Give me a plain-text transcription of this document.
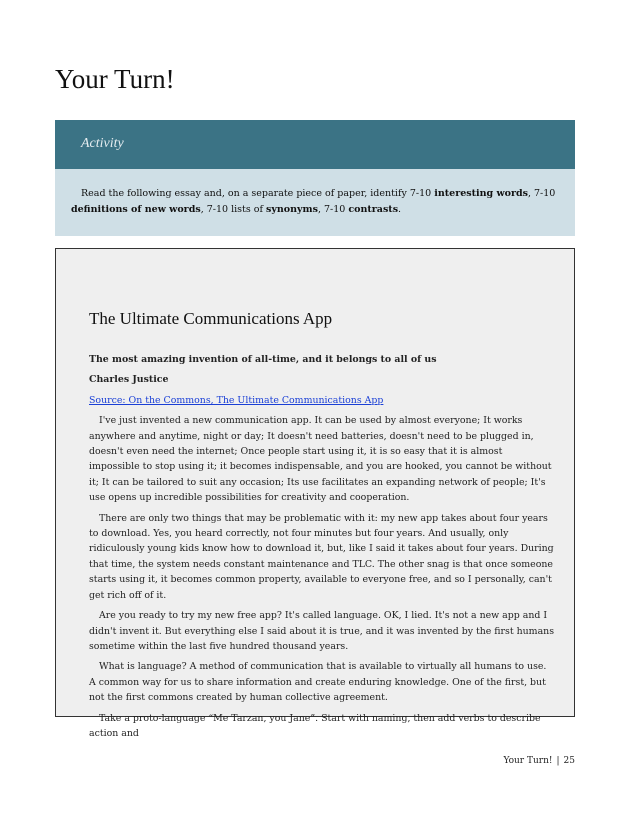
Your Turn!
Activity

Read the following essay and, on a separate piece of paper, identify 7-10 interesting words, 7-10 definitions of new words, 7-10 lists of synonyms, 7-10 contrasts.

The Ultimate Communications App

The most amazing invention of all-time, and it belongs to all of us

Charles Justice

Source: On the Commons, The Ultimate Communications App

I've just invented a new communication app. It can be used by almost everyone; It works anywhere and anytime, night or day; It doesn't need batteries, doesn't need to be plugged in, doesn't even need the internet; Once people start using it, it is so easy that it is almost impossible to stop using it; it becomes indispensable, and you are hooked, you cannot be without it; It can be tailored to suit any occasion; Its use facilitates an expanding network of people; It's use opens up incredible possibilities for creativity and cooperation.

There are only two things that may be problematic with it: my new app takes about four years to download. Yes, you heard correctly, not four minutes but four years. And usually, only ridiculously young kids know how to download it, but, like I said it takes about four years. During that time, the system needs constant maintenance and TLC. The other snag is that once someone starts using it, it becomes common property, available to everyone free, and so I personally, can't get rich off of it.

Are you ready to try my new free app? It's called language. OK, I lied. It's not a new app and I didn't invent it. But everything else I said about it is true, and it was invented by the first humans sometime within the last five hundred thousand years.

What is language? A method of communication that is available to virtually all humans to use. A common way for us to share information and create enduring knowledge. One of the first, but not the first commons created by human collective agreement.

Take a proto-language “Me Tarzan, you Jane”. Start with naming, then add verbs to describe action and

Your Turn! | 25
